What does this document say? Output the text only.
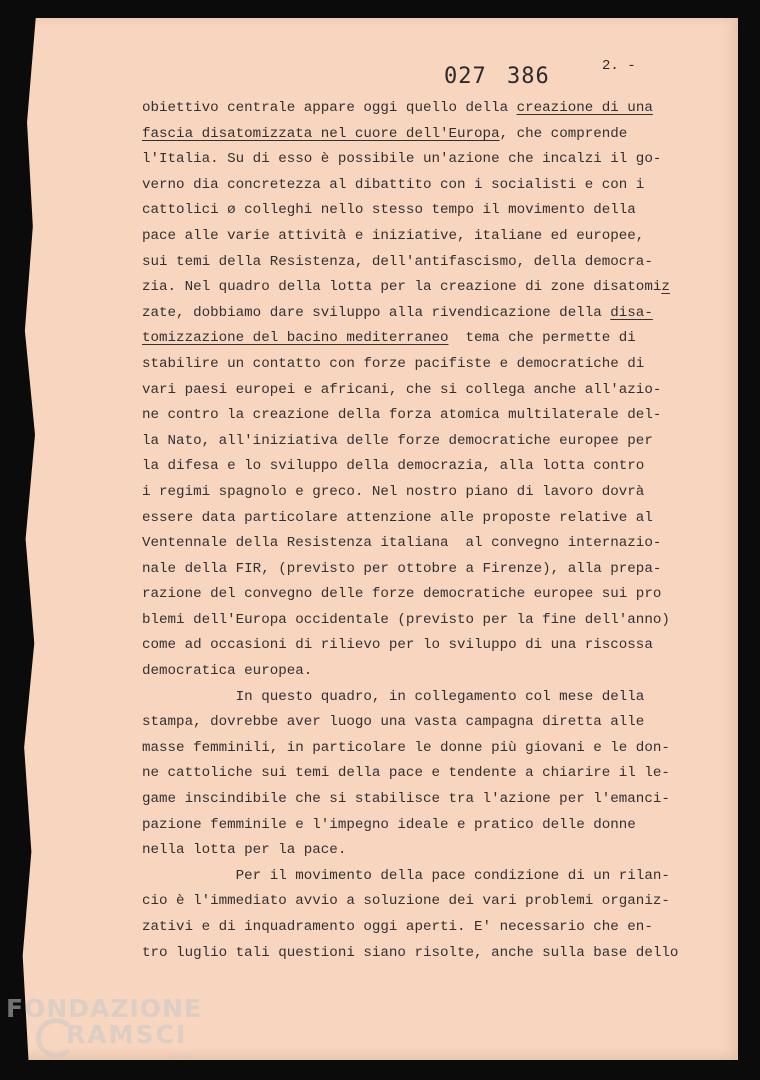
027 386	2. -
obiettivo centrale appare oggi quello della creazione di una
fascia disatomizzata nel cuore dell'Europa, che comprende
l'Italia. Su di esso è possibile un'azione che incalzi il go-
verno dia concretezza al dibattito con i socialisti e con i
cattolici ø colleghi nello stesso tempo il movimento della
pace alle varie attività e iniziative, italiane ed europee,
sui temi della Resistenza, dell'antifascismo, della democra-
zia. Nel quadro della lotta per la creazione di zone disatomiz
zate, dobbiamo dare sviluppo alla rivendicazione della disa-
tomizzazione del bacino mediterraneo  tema che permette di
stabilire un contatto con forze pacifiste e democratiche di
vari paesi europei e africani, che si collega anche all'azio-
ne contro la creazione della forza atomica multilaterale del-
la Nato, all'iniziativa delle forze democratiche europee per
la difesa e lo sviluppo della democrazia, alla lotta contro
i regimi spagnolo e greco. Nel nostro piano di lavoro dovrà
essere data particolare attenzione alle proposte relative al
Ventennale della Resistenza italiana  al convegno internazio-
nale della FIR, (previsto per ottobre a Firenze), alla prepa-
razione del convegno delle forze democratiche europee sui pro
blemi dell'Europa occidentale (previsto per la fine dell'anno)
come ad occasioni di rilievo per lo sviluppo di una riscossa
democratica europea.
In questo quadro, in collegamento col mese della
stampa, dovrebbe aver luogo una vasta campagna diretta alle
masse femminili, in particolare le donne più giovani e le don-
ne cattoliche sui temi della pace e tendente a chiarire il le-
game inscindibile che si stabilisce tra l'azione per l'emanci-
pazione femminile e l'impegno ideale e pratico delle donne
nella lotta per la pace.
Per il movimento della pace condizione di un rilan-
cio è l'immediato avvio a soluzione dei vari problemi organiz-
zativi e di inquadramento oggi aperti. E' necessario che en-
tro luglio tali questioni siano risolte, anche sulla base dello
FONDAZIONE
RAMSCI
ONLUS
